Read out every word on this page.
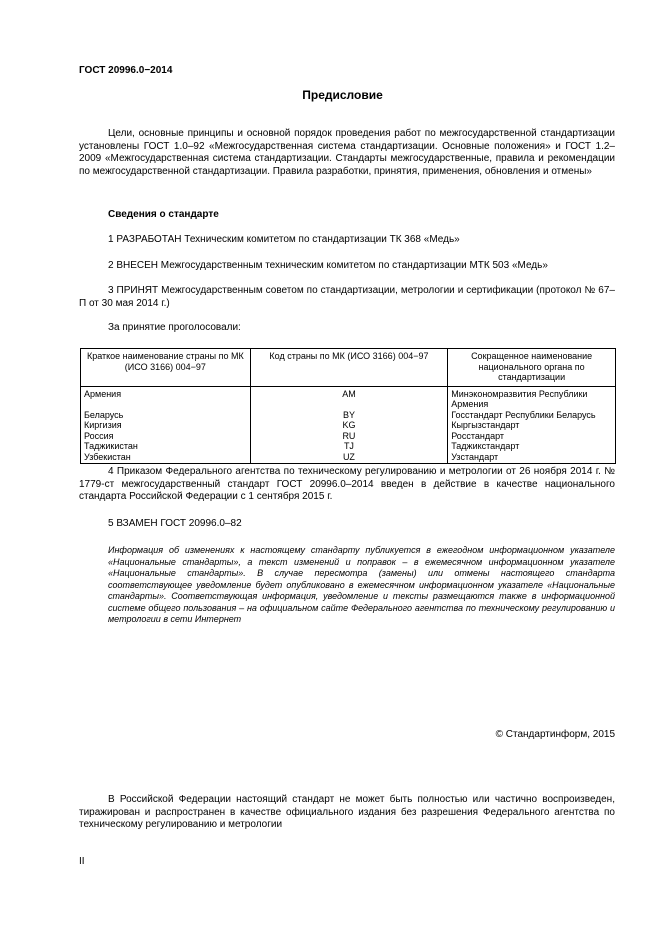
ГОСТ 20996.0−2014
Предисловие
Цели, основные принципы и основной порядок проведения работ по межгосударственной стандартизации установлены ГОСТ 1.0–92 «Межгосударственная система стандартизации. Основные положения» и ГОСТ 1.2–2009 «Межгосударственная система стандартизации. Стандарты межгосударственные, правила и рекомендации по межгосударственной стандартизации. Правила разработки, принятия, применения, обновления и отмены»
Сведения о стандарте
1 РАЗРАБОТАН Техническим комитетом по стандартизации ТК 368 «Медь»
2 ВНЕСЕН Межгосударственным техническим комитетом по стандартизации МТК 503 «Медь»
3 ПРИНЯТ Межгосударственным советом по стандартизации, метрологии и сертификации (протокол № 67–П от 30 мая 2014 г.)
За принятие проголосовали:
Краткое наименование страны по МК (ИСО 3166) 004−97	Код страны по МК (ИСО 3166) 004−97	Сокращенное наименование национального органа по стандартизации
Армения	AM	Минэкономразвития Республики Армения
Беларусь	BY	Госстандарт Республики Беларусь
Киргизия	KG	Кыргызстандарт
Россия	RU	Росстандарт
Таджикистан	TJ	Таджикстандарт
Узбекистан	UZ	Узстандарт
4 Приказом Федерального агентства по техническому регулированию и метрологии от 26 ноября 2014 г. № 1779-ст межгосударственный стандарт ГОСТ 20996.0–2014 введен в действие в качестве национального стандарта Российской Федерации с 1 сентября 2015 г.
5 ВЗАМЕН ГОСТ 20996.0–82
Информация об изменениях к настоящему стандарту публикуется в ежегодном информационном указателе «Национальные стандарты», а текст изменений и поправок – в ежемесячном информационном указателе «Национальные стандарты». В случае пересмотра (замены) или отмены настоящего стандарта соответствующее уведомление будет опубликовано в ежемесячном информационном указателе «Национальные стандарты». Соответствующая информация, уведомление и тексты размещаются также в информационной системе общего пользования – на официальном сайте Федерального агентства по техническому регулированию и метрологии в сети Интернет
© Стандартинформ, 2015
В Российской Федерации настоящий стандарт не может быть полностью или частично воспроизведен, тиражирован и распространен в качестве официального издания без разрешения Федерального агентства по техническому регулированию и метрологии
II
